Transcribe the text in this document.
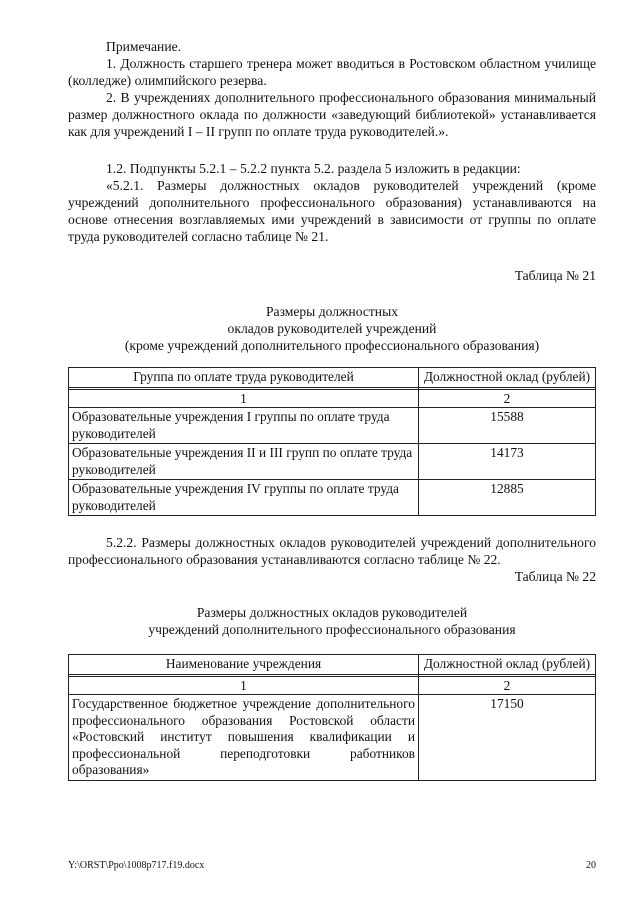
Примечание.

1. Должность старшего тренера может вводиться в Ростовском областном училище (колледже) олимпийского резерва.

2. В учреждениях дополнительного профессионального образования минимальный размер должностного оклада по должности «заведующий библиотекой» устанавливается как для учреждений I – II групп по оплате труда руководителей.».

1.2. Подпункты 5.2.1 – 5.2.2 пункта 5.2. раздела 5 изложить в редакции:

«5.2.1. Размеры должностных окладов руководителей учреждений (кроме учреждений дополнительного профессионального образования) устанавливаются на основе отнесения возглавляемых ими учреждений в зависимости от группы по оплате труда руководителей согласно таблице № 21.

Таблица № 21

Размеры должностных

окладов руководителей учреждений

(кроме учреждений дополнительного профессионального образования)

Группа по оплате труда руководителей	Должностной оклад (рублей)

1	2
Образовательные учреждения I группы по оплате труда руководителей	15588
Образовательные учреждения II и III групп по оплате труда руководителей	14173
Образовательные учреждения IV группы по оплате труда руководителей	12885

5.2.2. Размеры должностных окладов руководителей учреждений дополнительного профессионального образования устанавливаются согласно таблице № 22.

Таблица № 22

Размеры должностных окладов руководителей

учреждений дополнительного профессионального образования

Наименование учреждения	Должностной оклад (рублей)

1	2
Государственное бюджетное учреждение дополнительного профессионального образования Ростовской области «Ростовский институт повышения квалификации и профессиональной переподготовки работников образования»	17150
Y:\ORST\Ppo\1008p717.f19.docx	20
